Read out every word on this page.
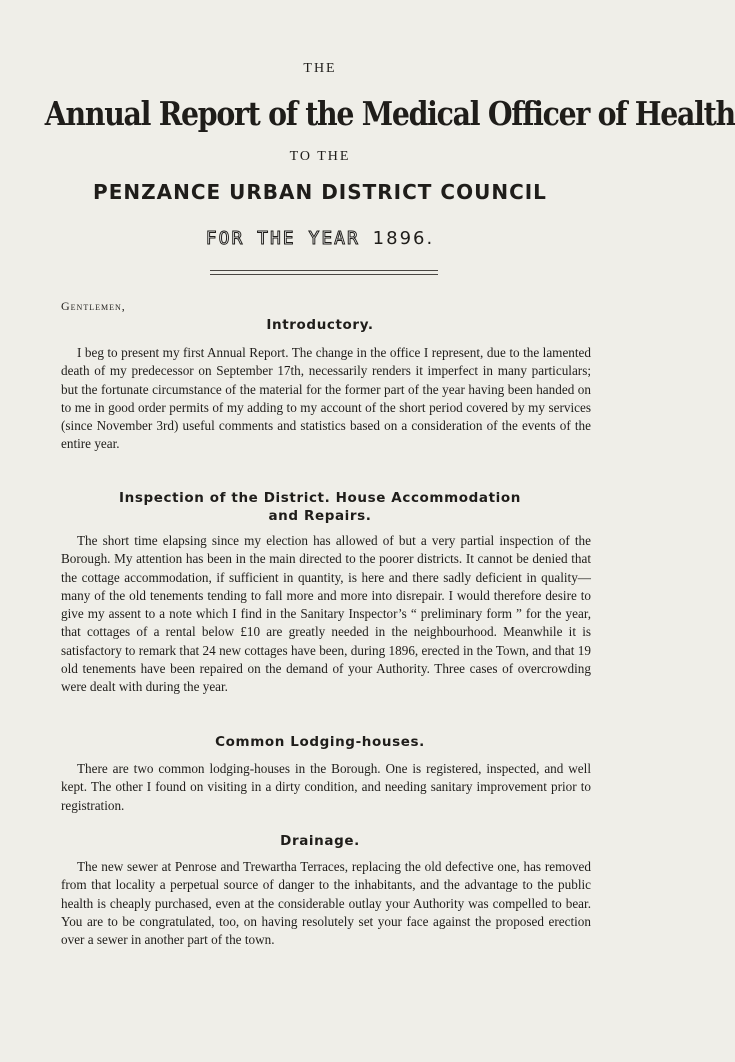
THE
Annual Report of the Medical Officer of Health
TO THE
PENZANCE URBAN DISTRICT COUNCIL
FOR THE YEAR 1896.
Gentlemen,
Introductory.
I beg to present my first Annual Report. The change in the office I represent, due to the lamented death of my predecessor on September 17th, necessarily renders it imperfect in many particulars; but the fortunate circumstance of the material for the former part of the year having been handed on to me in good order permits of my adding to my account of the short period covered by my services (since November 3rd) useful comments and statistics based on a consideration of the events of the entire year.
Inspection of the District. House Accommodation
and Repairs.
The short time elapsing since my election has allowed of but a very partial inspection of the Borough. My attention has been in the main directed to the poorer districts. It cannot be denied that the cottage accommodation, if sufficient in quantity, is here and there sadly deficient in quality—many of the old tenements tending to fall more and more into disrepair. I would therefore desire to give my assent to a note which I find in the Sanitary Inspector’s “ preliminary form ” for the year, that cottages of a rental below £10 are greatly needed in the neighbourhood. Meanwhile it is satisfactory to remark that 24 new cottages have been, during 1896, erected in the Town, and that 19 old tenements have been repaired on the demand of your Authority. Three cases of overcrowding were dealt with during the year.
Common Lodging-houses.
There are two common lodging-houses in the Borough. One is registered, inspected, and well kept. The other I found on visiting in a dirty condition, and needing sanitary improvement prior to registration.
Drainage.
The new sewer at Penrose and Trewartha Terraces, replacing the old defective one, has removed from that locality a perpetual source of danger to the inhabitants, and the advantage to the public health is cheaply purchased, even at the considerable outlay your Authority was compelled to bear. You are to be congratulated, too, on having resolutely set your face against the proposed erection over a sewer in another part of the town.
